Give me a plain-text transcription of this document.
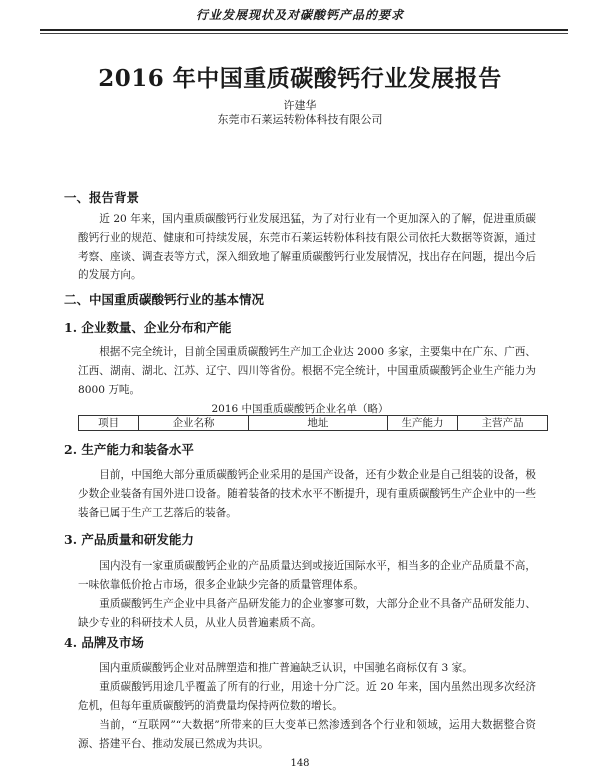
行业发展现状及对碳酸钙产品的要求
2016 年中国重质碳酸钙行业发展报告
许建华
东莞市石莱运转粉体科技有限公司
一、报告背景

近 20 年来，国内重质碳酸钙行业发展迅猛，为了对行业有一个更加深入的了解，促进重质碳酸钙行业的规范、健康和可持续发展，东莞市石莱运转粉体科技有限公司依托大数据等资源，通过考察、座谈、调查表等方式，深入细致地了解重质碳酸钙行业发展情况，找出存在问题，提出今后的发展方向。

二、中国重质碳酸钙行业的基本情况
1. 企业数量、企业分布和产能

根据不完全统计，目前全国重质碳酸钙生产加工企业达 2000 多家，主要集中在广东、广西、江西、湖南、湖北、江苏、辽宁、四川等省份。根据不完全统计，中国重质碳酸钙企业生产能力为 8000 万吨。

2016 中国重质碳酸钙企业名单（略）
项目	企业名称	地址	生产能力	主营产品
2. 生产能力和装备水平

目前，中国绝大部分重质碳酸钙企业采用的是国产设备，还有少数企业是自己组装的设备，极少数企业装备有国外进口设备。随着装备的技术水平不断提升，现有重质碳酸钙生产企业中的一些装备已属于生产工艺落后的装备。

3. 产品质量和研发能力

国内没有一家重质碳酸钙企业的产品质量达到或接近国际水平，相当多的企业产品质量不高，一味依靠低价抢占市场，很多企业缺少完备的质量管理体系。

重质碳酸钙生产企业中具备产品研发能力的企业寥寥可数，大部分企业不具备产品研发能力、缺少专业的科研技术人员，从业人员普遍素质不高。

4. 品牌及市场

国内重质碳酸钙企业对品牌塑造和推广普遍缺乏认识，中国驰名商标仅有 3 家。

重质碳酸钙用途几乎覆盖了所有的行业，用途十分广泛。近 20 年来，国内虽然出现多次经济危机，但每年重质碳酸钙的消费量均保持两位数的增长。

当前，“互联网”“大数据”所带来的巨大变革已然渗透到各个行业和领域，运用大数据整合资源、搭建平台、推动发展已然成为共识。

148
